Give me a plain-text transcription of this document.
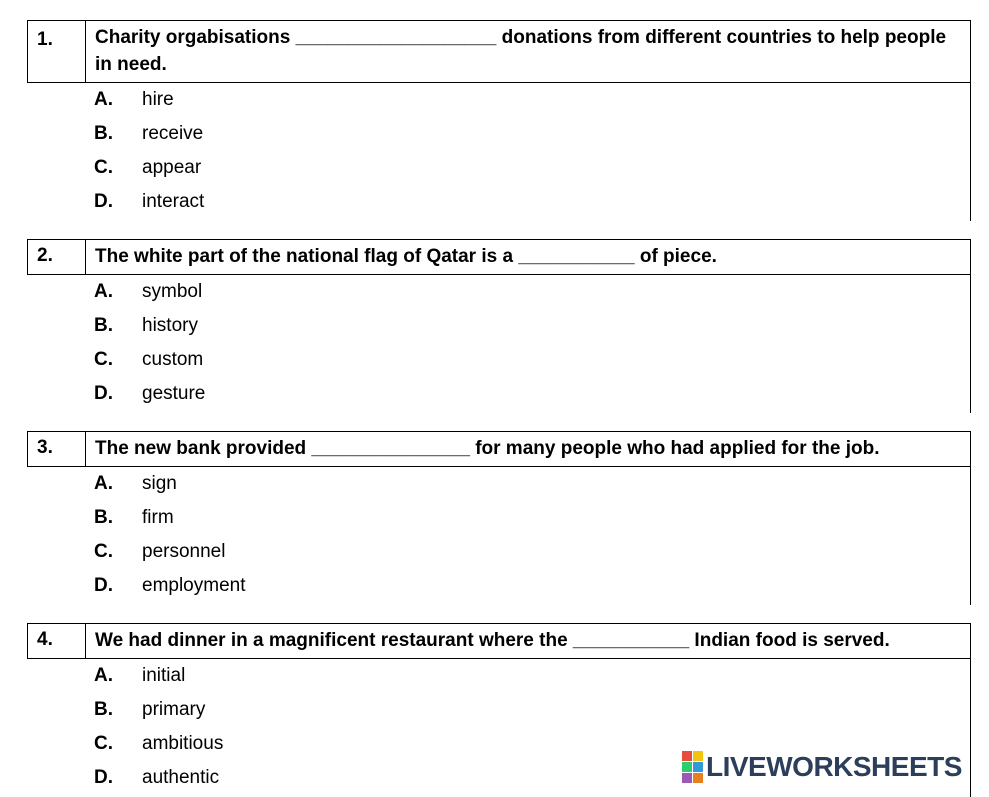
1.	Charity orgabisations ___________________ donations from different countries to help people in need.
A.	hire
B.	receive
C.	appear
D.	interact
2.	The white part of the national flag of Qatar is a ___________ of piece.
A.	symbol
B.	history
C.	custom
D.	gesture
3.	The new bank provided _______________ for many people who had applied for the job.
A.	sign
B.	firm
C.	personnel
D.	employment
4.	We had dinner in a magnificent restaurant where the ___________ Indian food is served.
A.	initial
B.	primary
C.	ambitious
D.	authentic	LIVEWORKSHEETS
